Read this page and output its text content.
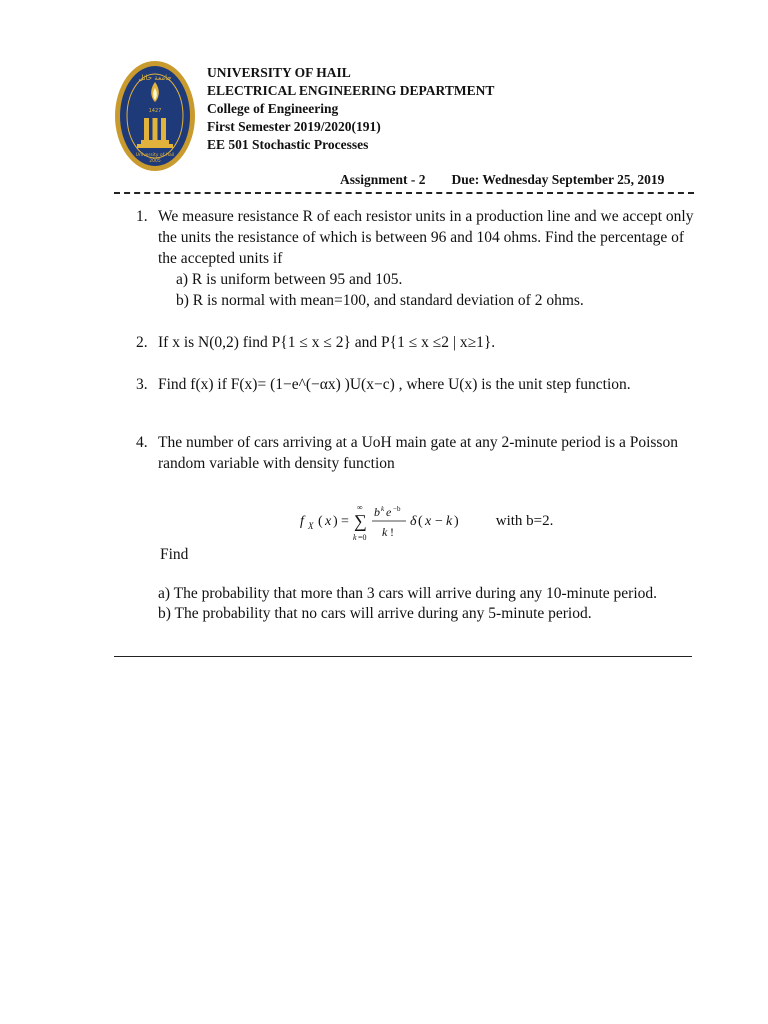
جامعة حائل
1427
University of Hail
2005
UNIVERSITY OF HAIL
ELECTRICAL ENGINEERING DEPARTMENT
College of Engineering
First Semester 2019/2020(191)
EE 501 Stochastic Processes
Assignment - 2 Due: Wednesday September 25, 2019
1. We measure resistance R of each resistor units in a production line and we accept only the units the resistance of which is between 96 and 104 ohms. Find the percentage of the accepted units if
a) R is uniform between 95 and 105.
b) R is normal with mean=100, and standard deviation of 2 ohms.
2. If x is N(0,2) find P{1 ≤ x ≤ 2} and P{1 ≤ x ≤2 | x≥1}.
3. Find f(x) if F(x)= (1−e^(−αx) )U(x−c) , where U(x) is the unit step function.
4. The number of cars arriving at a UoH main gate at any 2-minute period is a Poisson random variable with density function
f X ( x ) = ∑
∞
k =0
b k e −b
k !
δ ( x − k ) with b=2.
Find
a) The probability that more than 3 cars will arrive during any 10-minute period.
b) The probability that no cars will arrive during any 5-minute period.
